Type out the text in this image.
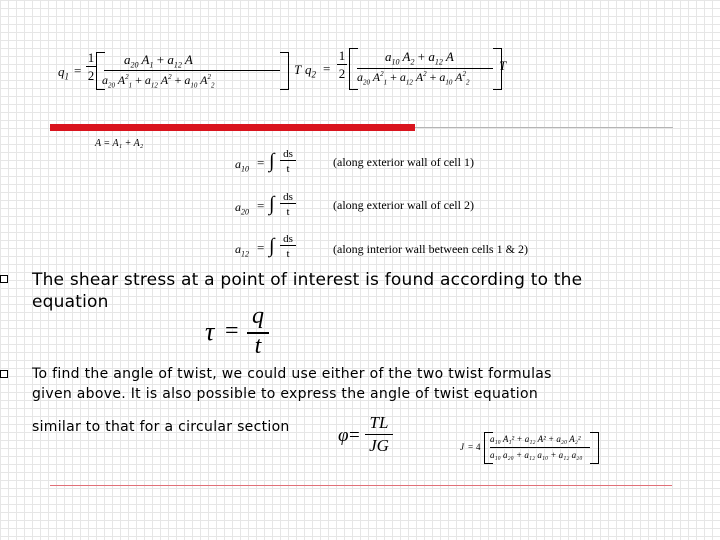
$q_1$ =
1
2
$a_{20}$ $A_1 + a_{12}$ A
$a_{20}$ $A^2_1 + a_{12}$ $A^2 + a_{10}$ $A^2_2$
T $q_2$ =
1
2
$a_{10}$ $A_2 + a_{12}$ A
$a_{20}$ $A^2_1 + a_{12}$ $A^2 + a_{10}$ $A^2_2$
T
A = A₁ + A₂
$a_{10}$ = ∫ ds
t	(along exterior wall of cell 1)
$a_{20}$ = ∫ ds
t	(along exterior wall of cell 2)
$a_{12}$ = ∫ ds
t	(along interior wall between cells 1 & 2)
The shear stress at a point of interest is found according to the
equation
τ =
q
t
To find the angle of twist, we could use either of the two twist formulas
given above. It is also possible to express the angle of twist equation
similar to that for a circular section	φ =
TL
JG	J = 4
a₁₀ A₁² + a₁₂ A² + a₂₀ A₂²
a₁₀ a₂₀ + a₁₂ a₁₀ + a₁₂ a₂₀
